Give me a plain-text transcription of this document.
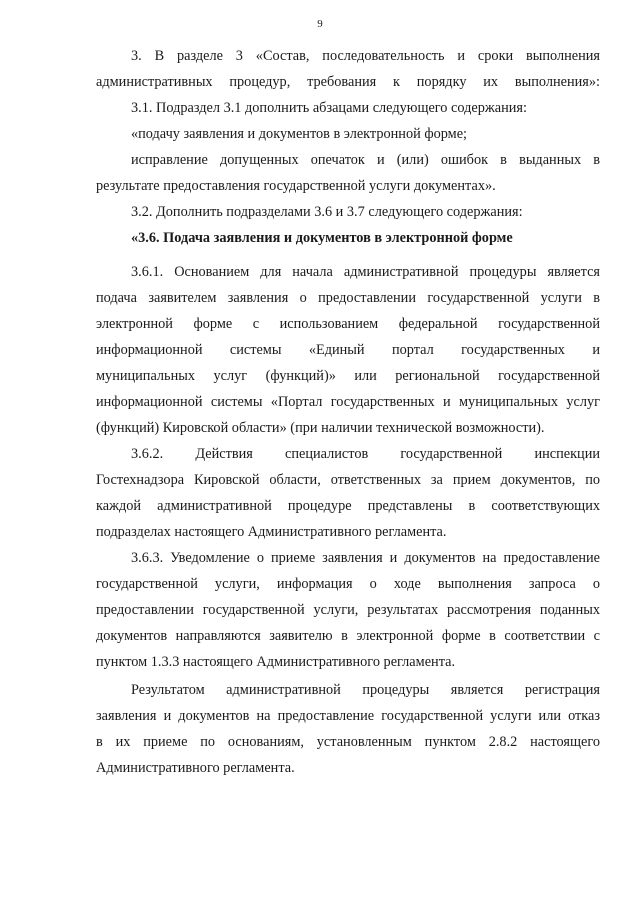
9
3. В разделе 3 «Состав, последовательность и сроки выполнения
административных процедур, требования к порядку их выполнения»:
3.1. Подраздел 3.1 дополнить абзацами следующего содержания:
«подачу заявления и документов в электронной форме;
исправление допущенных опечаток и (или) ошибок в выданных в
результате предоставления государственной услуги документах».
3.2. Дополнить подразделами 3.6 и 3.7 следующего содержания:
«3.6. Подача заявления и документов в электронной форме
3.6.1. Основанием для начала административной процедуры является
подача заявителем заявления о предоставлении государственной услуги в
электронной форме с использованием федеральной государственной
информационной системы «Единый портал государственных и
муниципальных услуг (функций)» или региональной государственной
информационной системы «Портал государственных и муниципальных услуг
(функций) Кировской области» (при наличии технической возможности).
3.6.2. Действия специалистов государственной инспекции
Гостехнадзора Кировской области, ответственных за прием документов, по
каждой административной процедуре представлены в соответствующих
подразделах настоящего Административного регламента.
3.6.3. Уведомление о приеме заявления и документов на предоставление
государственной услуги, информация о ходе выполнения запроса о
предоставлении государственной услуги, результатах рассмотрения поданных
документов направляются заявителю в электронной форме в соответствии с
пунктом 1.3.3 настоящего Административного регламента.
Результатом административной процедуры является регистрация
заявления и документов на предоставление государственной услуги или отказ
в их приеме по основаниям, установленным пунктом 2.8.2 настоящего
Административного регламента.
